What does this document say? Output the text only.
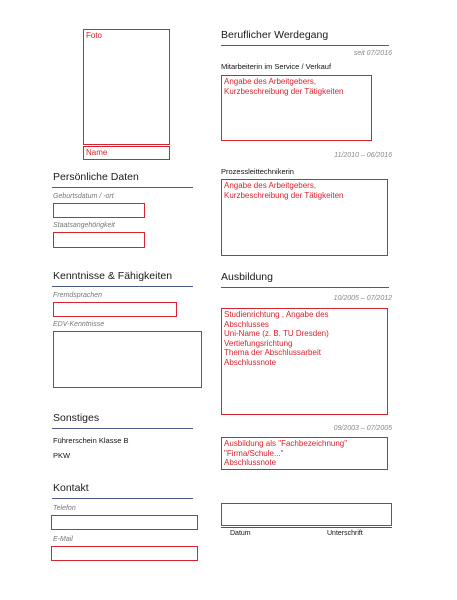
Foto
Name
Persönliche Daten
Geburtsdatum / -ort
Staatsangehörigkeit
Kenntnisse & Fähigkeiten
Fremdsprachen
EDV-Kenntnisse
Sonstiges
Führerschein Klasse B
PKW
Kontakt
Telefon
E-Mail
Beruflicher Werdegang
seit 07/2016
Mitarbeiterin im Service / Verkauf
Angabe des Arbeitgebers,
Kurzbeschreibung der Tätigkeiten
11/2010 – 06/2016
Prozessleittechnikerin
Angabe des Arbeitgebers,
Kurzbeschreibung der Tätigkeiten
Ausbildung
10/2005 – 07/2012
Studienrichtung , Angabe des
Abschlusses
Uni-Name (z. B. TU Dresden)
Vertiefungsrichtung
Thema der Abschlussarbeit
Abschlussnote
09/2003 – 07/2005
Ausbildung als "Fachbezeichnung"
"Firma/Schule..."
Abschlussnote
Datum	Unterschrift
